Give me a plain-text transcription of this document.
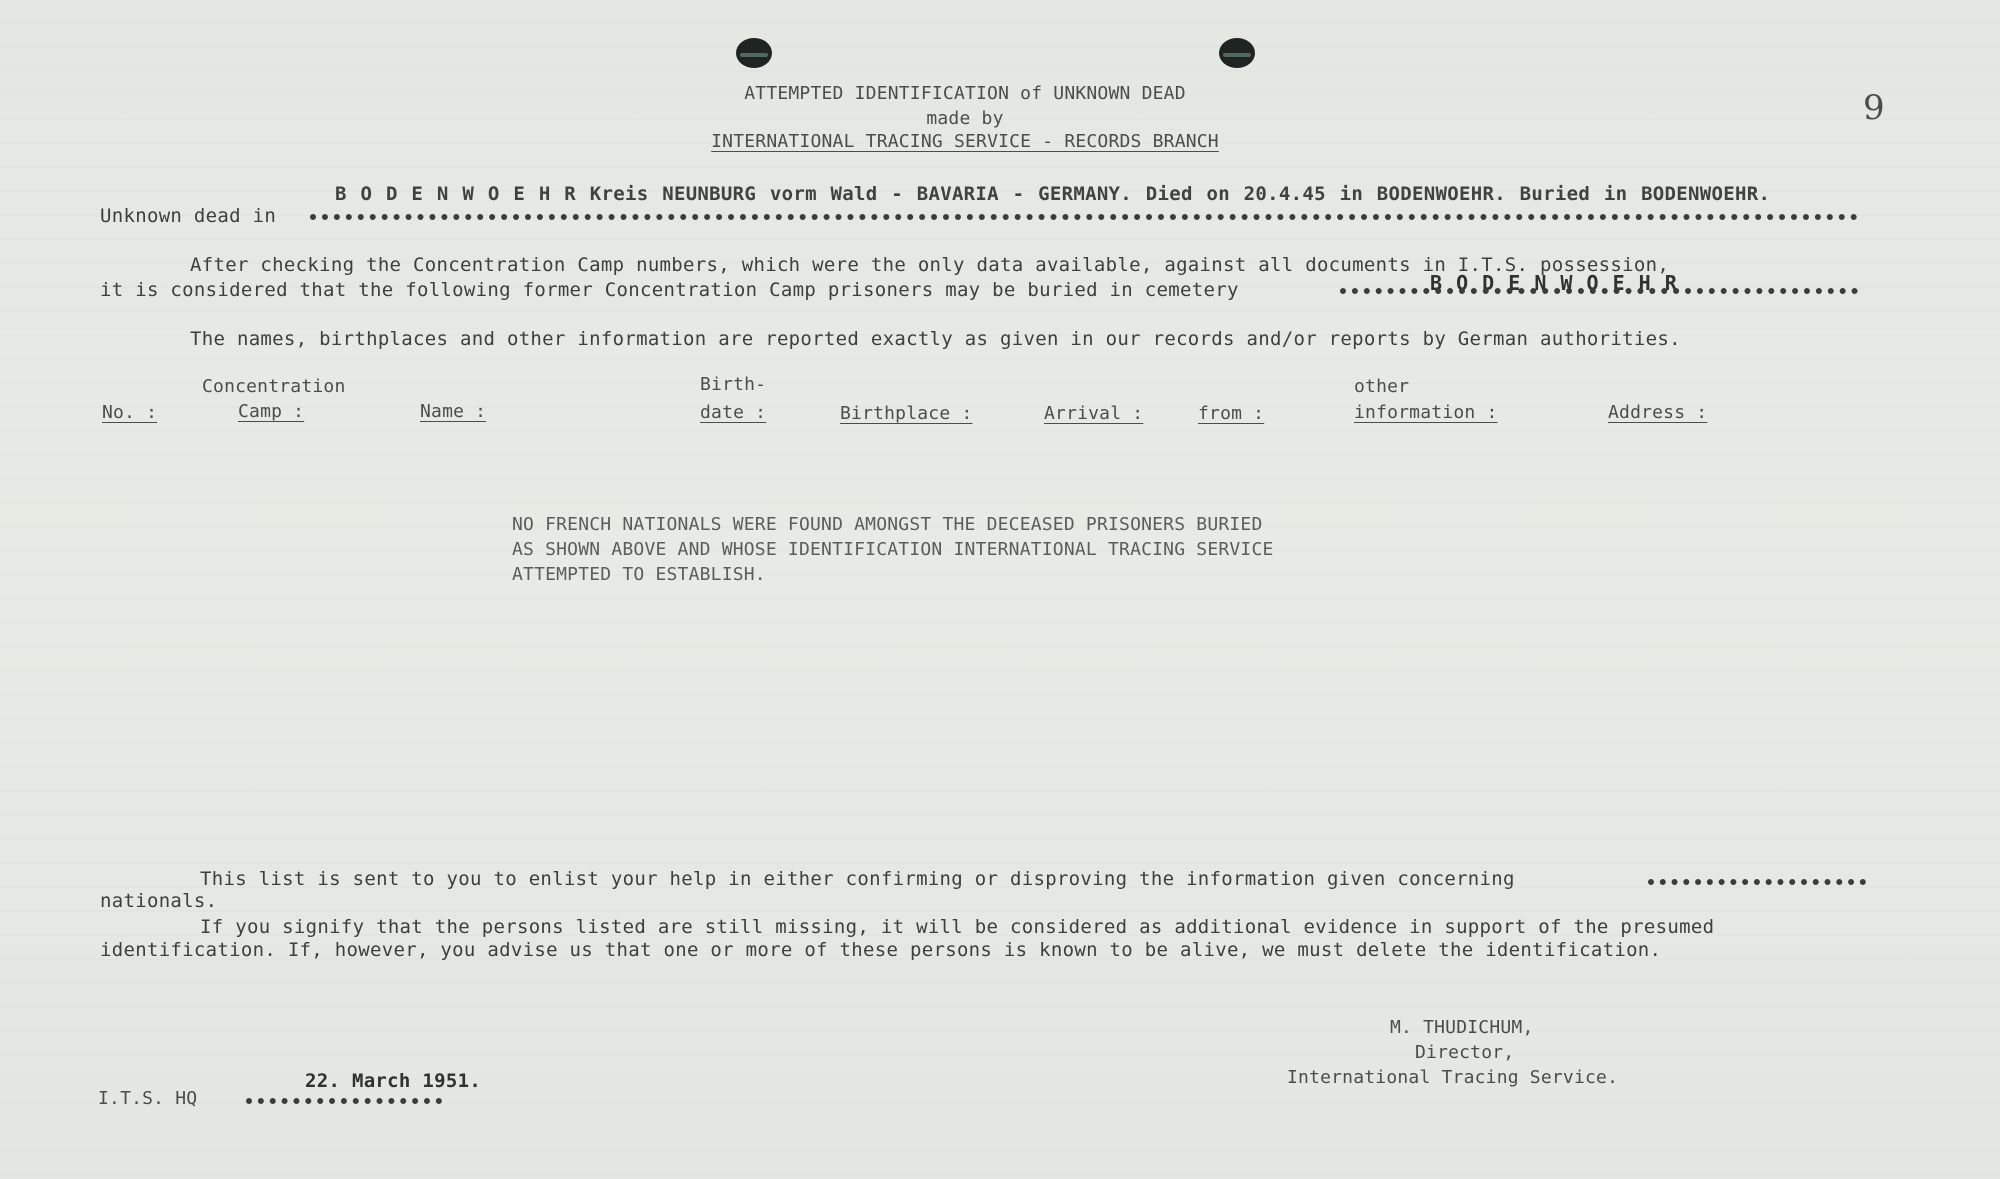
9
ATTEMPTED IDENTIFICATION of UNKNOWN DEAD
made by
INTERNATIONAL TRACING SERVICE - RECORDS BRANCH
B O D E N W O E H R Kreis NEUNBURG vorm Wald - BAVARIA - GERMANY. Died on 20.4.45 in BODENWOEHR. Buried in BODENWOEHR.
Unknown dead in
After checking the Concentration Camp numbers, which were the only data available, against all documents in I.T.S. possession,
it is considered that the following former Concentration Camp prisoners may be buried in cemetery	B O D E N W O E H R
The names, birthplaces and other information are reported exactly as given in our records and/or reports by German authorities.
Concentration	Birth-	other
No. :	Camp :	Name :	date :	Birthplace :	Arrival :	from :	information :	Address :
NO FRENCH NATIONALS WERE FOUND AMONGST THE DECEASED PRISONERS BURIED
AS SHOWN ABOVE AND WHOSE IDENTIFICATION INTERNATIONAL TRACING SERVICE
ATTEMPTED TO ESTABLISH.
This list is sent to you to enlist your help in either confirming or disproving the information given concerning
nationals.
If you signify that the persons listed are still missing, it will be considered as additional evidence in support of the presumed
identification. If, however, you advise us that one or more of these persons is known to be alive, we must delete the identification.
M. THUDICHUM,
Director,
International Tracing Service.
22. March 1951.
I.T.S. HQ
